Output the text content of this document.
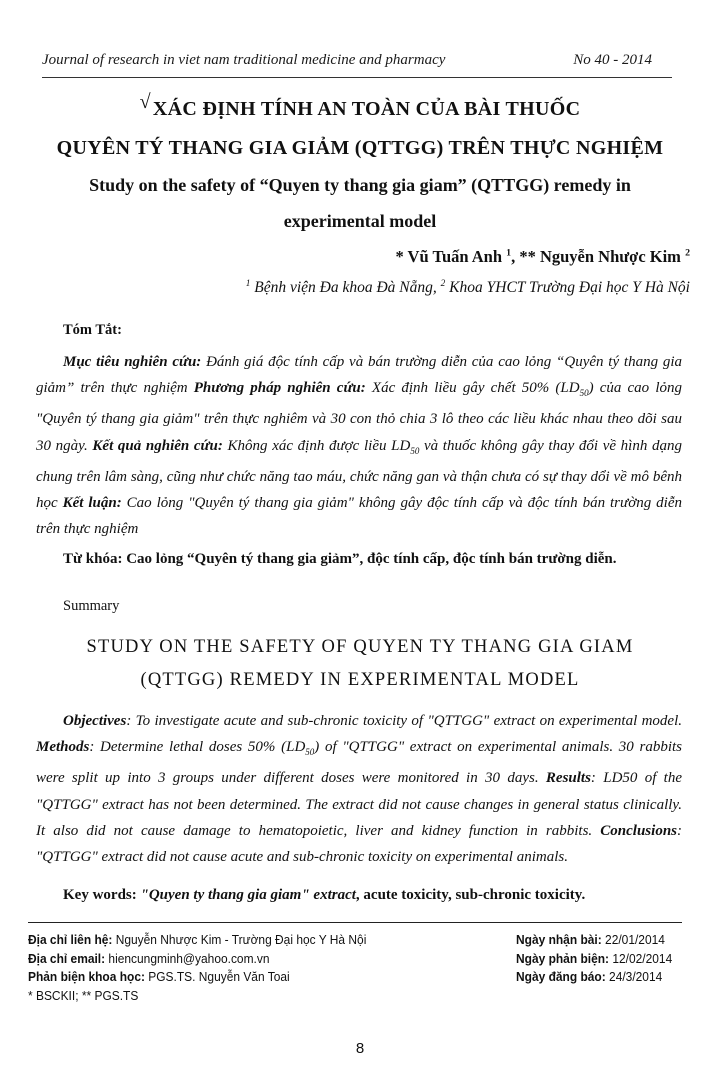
Journal of research in viet nam traditional medicine and pharmacy	No 40 - 2014
√ XÁC ĐỊNH TÍNH AN TOÀN CỦA BÀI THUỐC
QUYÊN TÝ THANG GIA GIẢM (QTTGG) TRÊN THỰC NGHIỆM
Study on the safety of “Quyen ty thang gia giam” (QTTGG) remedy in
experimental model
* Vũ Tuấn Anh $^1$, ** Nguyễn Nhược Kim $^2$
$^1$ Bệnh viện Đa khoa Đà Nẵng, $^2$ Khoa YHCT Trường Đại học Y Hà Nội
Tóm Tắt:
Mục tiêu nghiên cứu: Đánh giá độc tính cấp và bán trường diễn của cao lỏng “Quyên tý thang gia giảm” trên thực nghiệm Phương pháp nghiên cứu: Xác định liều gây chết 50% $(LD_{50})$ của cao lỏng "Quyên tý thang gia giảm" trên thực nghiêm và 30 con thỏ chia 3 lô theo các liều khác nhau theo dõi sau 30 ngày. Kết quả nghiên cứu: Không xác định được liều $LD_{50}$ và thuốc không gây thay đổi về hình dạng chung trên lâm sàng, cũng như chức năng tao máu, chức năng gan và thận chưa có sự thay dổi về mô bênh học Kết luận: Cao lỏng "Quyên tý thang gia giảm" không gây độc tính cấp và độc tính bán trường diễn trên thực nghiệm
Từ khóa: Cao lỏng “Quyên tý thang gia giảm”, độc tính cấp, độc tính bán trường diễn.
Summary
STUDY ON THE SAFETY OF QUYEN TY THANG GIA GIAM
(QTTGG) REMEDY IN EXPERIMENTAL MODEL
Objectives: To investigate acute and sub-chronic toxicity of "QTTGG" extract on experimental model. Methods: Determine lethal doses 50% $(LD_{50})$ of "QTTGG" extract on experimental animals. 30 rabbits were split up into 3 groups under different doses were monitored in 30 days. Results: LD50 of the "QTTGG" extract has not been determined. The extract did not cause changes in general status clinically. It also did not cause damage to hematopoietic, liver and kidney function in rabbits. Conclusions: "QTTGG" extract did not cause acute and sub-chronic toxicity on experimental animals.
Key words: "Quyen ty thang gia giam" extract, acute toxicity, sub-chronic toxicity.
Địa chỉ liên hệ: Nguyễn Nhược Kim - Trường Đại học Y Hà Nội
Địa chỉ email: hiencungminh@yahoo.com.vn
Phản biện khoa học: PGS.TS. Nguyễn Văn Toai
* BSCKII; ** PGS.TS
Ngày nhận bài: 22/01/2014
Ngày phản biện: 12/02/2014
Ngày đăng báo: 24/3/2014
8
